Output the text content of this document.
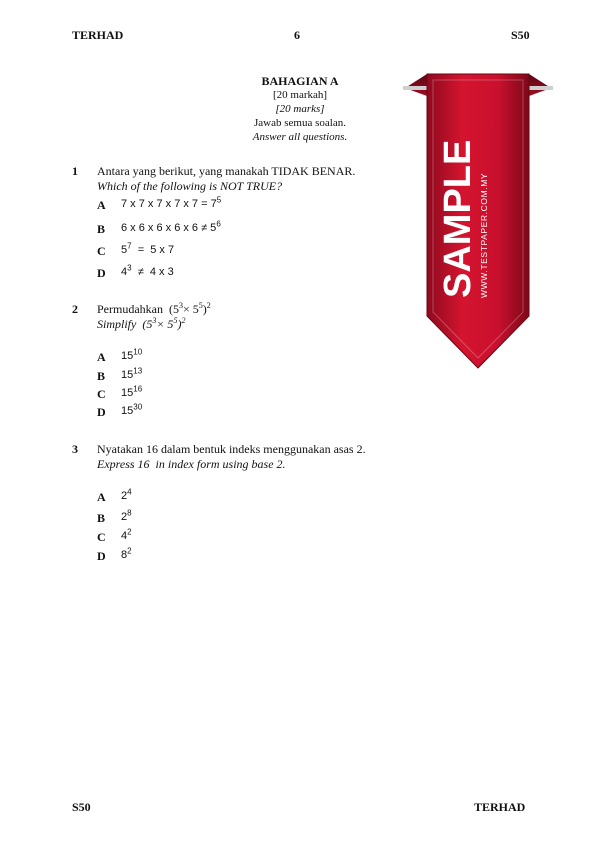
TERHAD	6	S50
BAHAGIAN A
[20 markah]
[20 marks]
Jawab semua soalan.
Answer all questions.
1 Antara yang berikut, yang manakah TIDAK BENAR.
Which of the following is NOT TRUE?
A 7 x 7 x 7 x 7 x $7 = 7^5$
B 6 x 6 x 6 x 6 x $6 \ne 5^6$
C $5^7 = 5$ x 7
D $4^3 \ne 4$ x 3
2 Permudahkan $(5^3\times 5^5)^2$
Simplify $(5^3\times 5^5)^2$
A $15^{10}$
B $15^{13}$
C $15^{16}$
D $15^{30}$
3 Nyatakan 16 dalam bentuk indeks menggunakan asas 2.
Express 16  in index form using base 2.
A $2^4$
B $2^8$
C $4^2$
D $8^2$
SAMPLE WWW.TESTPAPER.COM.MY
S50	TERHAD
